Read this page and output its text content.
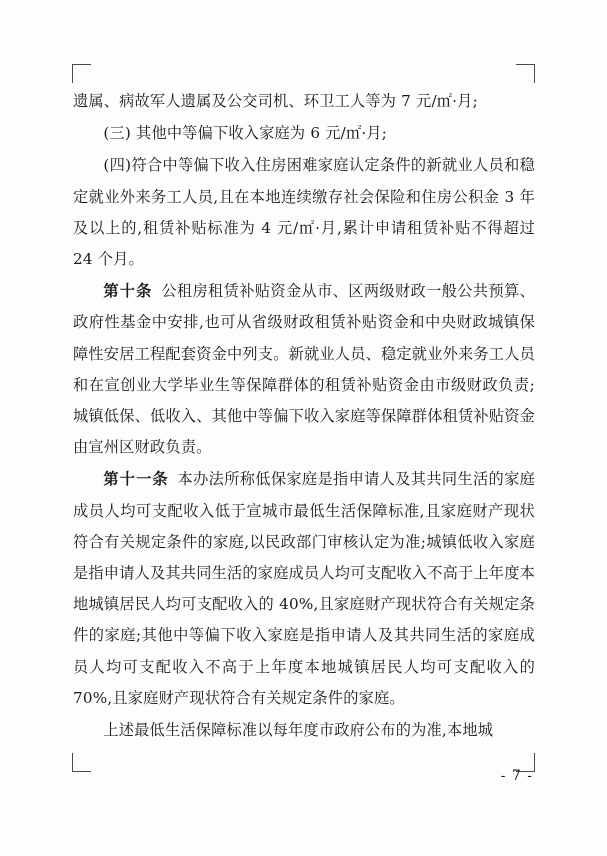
遗属、病故军人遗属及公交司机、环卫工人等为 7 元/㎡·月;

(三) 其他中等偏下收入家庭为 6 元/㎡·月;

(四)符合中等偏下收入住房困难家庭认定条件的新就业人员和稳定就业外来务工人员,且在本地连续缴存社会保险和住房公积金 3 年及以上的,租赁补贴标准为 4 元/㎡·月,累计申请租赁补贴不得超过 24 个月。

第十条 公租房租赁补贴资金从市、区两级财政一般公共预算、政府性基金中安排,也可从省级财政租赁补贴资金和中央财政城镇保障性安居工程配套资金中列支。新就业人员、稳定就业外来务工人员和在宣创业大学毕业生等保障群体的租赁补贴资金由市级财政负责;城镇低保、低收入、其他中等偏下收入家庭等保障群体租赁补贴资金由宣州区财政负责。

第十一条 本办法所称低保家庭是指申请人及其共同生活的家庭成员人均可支配收入低于宣城市最低生活保障标准,且家庭财产现状符合有关规定条件的家庭,以民政部门审核认定为准;城镇低收入家庭是指申请人及其共同生活的家庭成员人均可支配收入不高于上年度本地城镇居民人均可支配收入的 40%,且家庭财产现状符合有关规定条件的家庭;其他中等偏下收入家庭是指申请人及其共同生活的家庭成员人均可支配收入不高于上年度本地城镇居民人均可支配收入的 70%,且家庭财产现状符合有关规定条件的家庭。

上述最低生活保障标准以每年度市政府公布的为准,本地城

- 7 -
